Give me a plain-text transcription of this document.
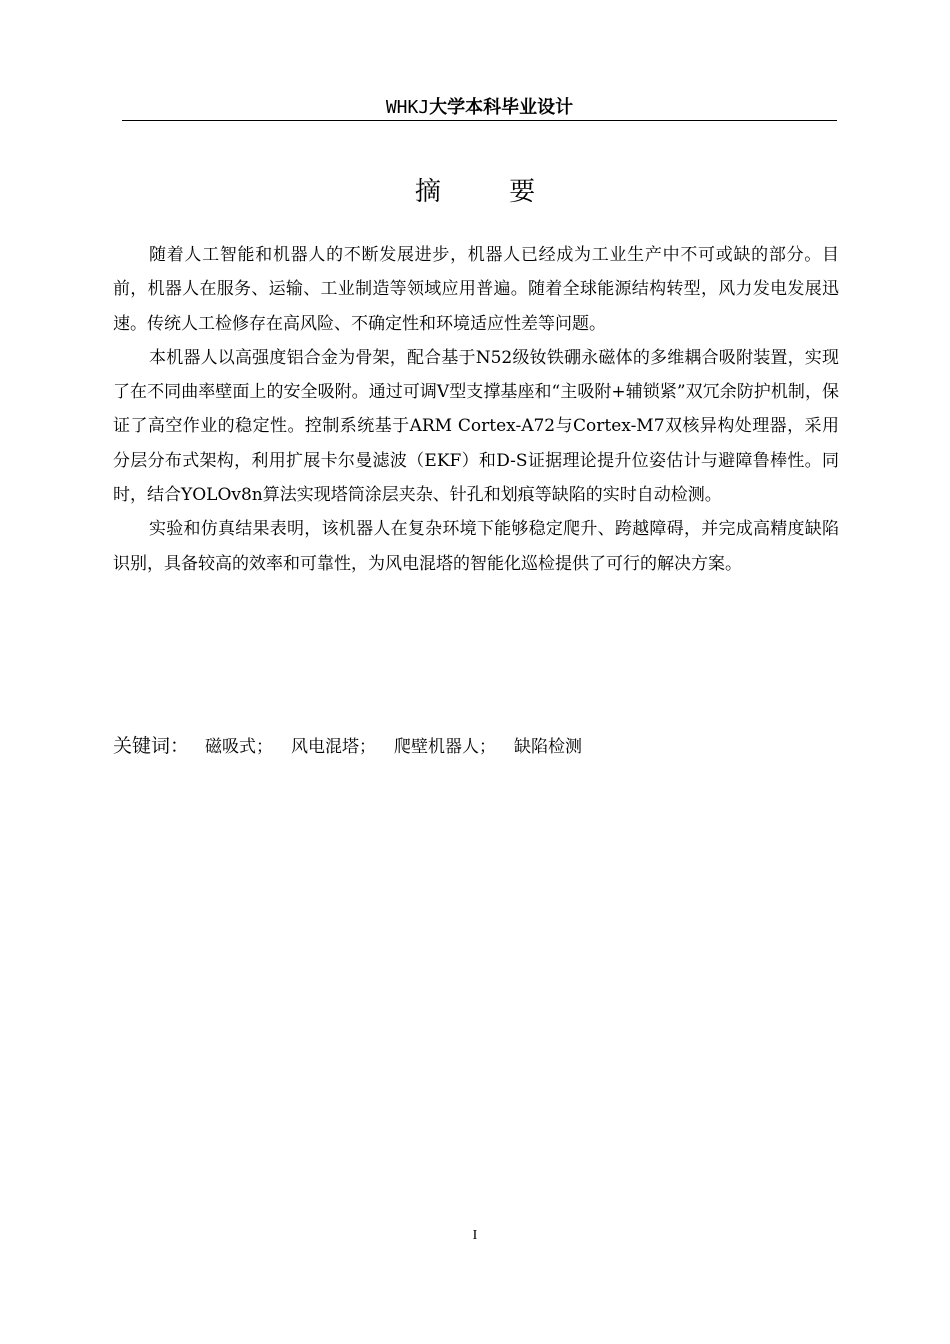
WHKJ大学本科毕业设计
摘 要

随着人工智能和机器人的不断发展进步，机器人已经成为工业生产中不可或缺的部分。目前，机器人在服务、运输、工业制造等领域应用普遍。随着全球能源结构转型，风力发电发展迅速。传统人工检修存在高风险、不确定性和环境适应性差等问题。

本机器人以高强度铝合金为骨架，配合基于N52级钕铁硼永磁体的多维耦合吸附装置，实现了在不同曲率壁面上的安全吸附。通过可调V型支撑基座和“主吸附+辅锁紧”双冗余防护机制，保证了高空作业的稳定性。控制系统基于ARM Cortex-A72与Cortex-M7双核异构处理器，采用分层分布式架构，利用扩展卡尔曼滤波（EKF）和D-S证据理论提升位姿估计与避障鲁棒性。同时，结合YOLOv8n算法实现塔筒涂层夹杂、针孔和划痕等缺陷的实时自动检测。

实验和仿真结果表明，该机器人在复杂环境下能够稳定爬升、跨越障碍，并完成高精度缺陷识别，具备较高的效率和可靠性，为风电混塔的智能化巡检提供了可行的解决方案。

关键词： 磁吸式； 风电混塔； 爬壁机器人； 缺陷检测
I
